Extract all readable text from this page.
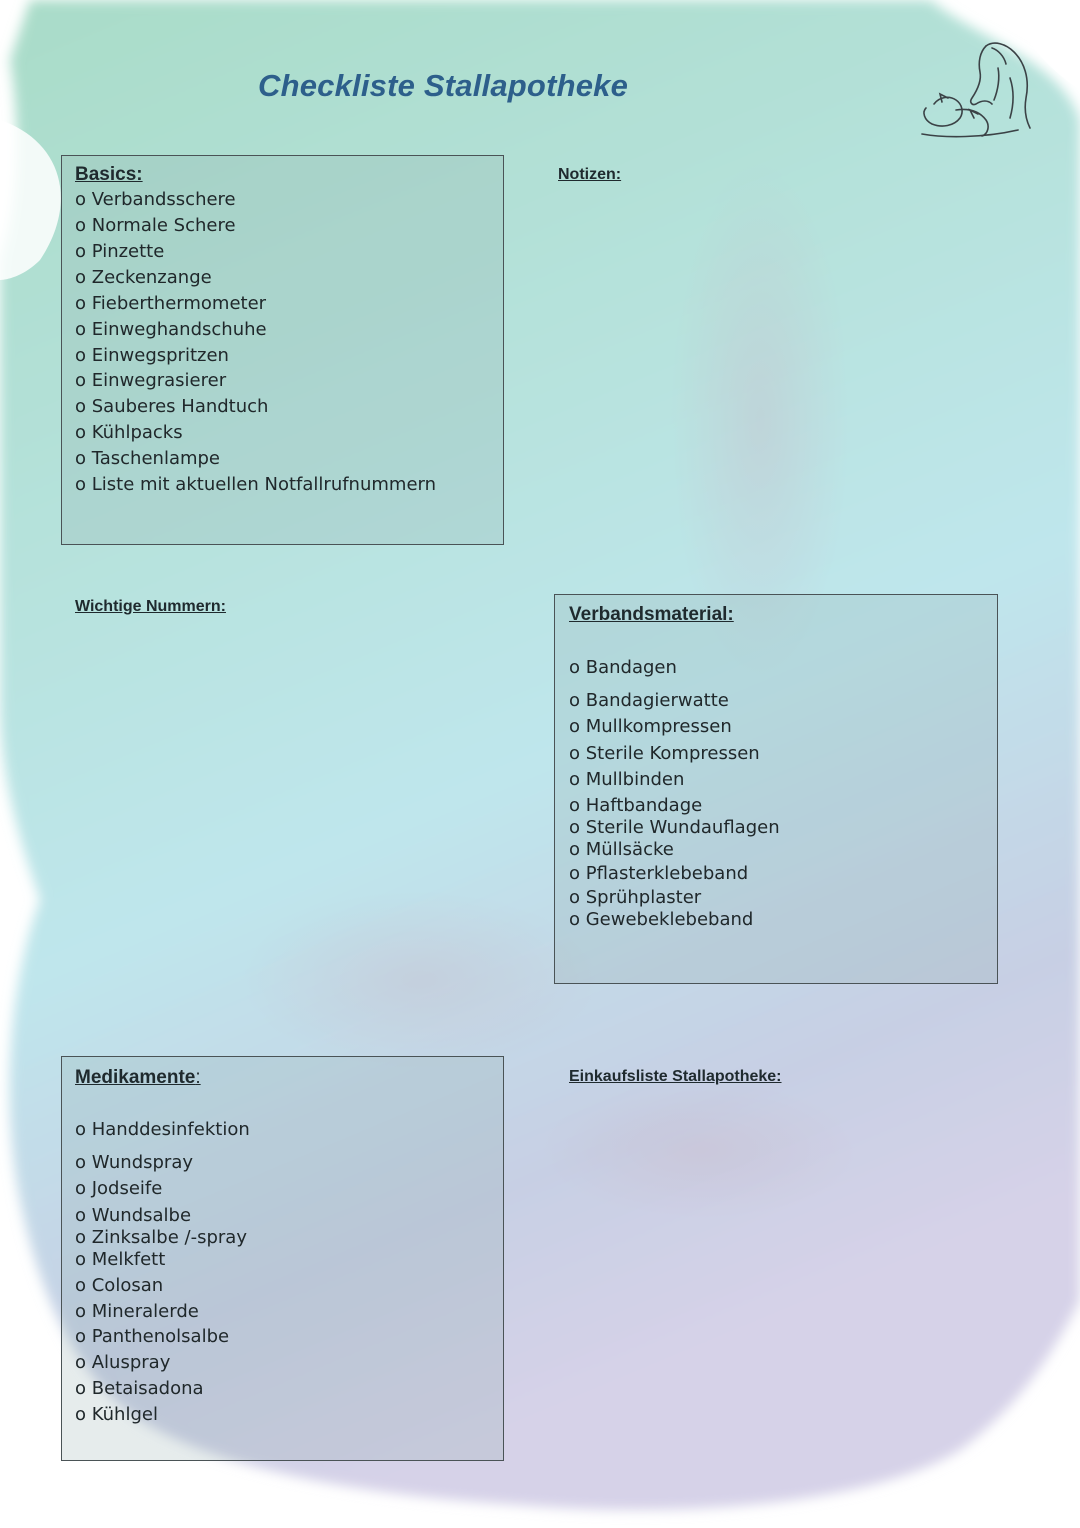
Checkliste Stallapotheke
Basics:
o Verbandsschere
o Normale Schere
o Pinzette
o Zeckenzange
o Fieberthermometer
o Einweghandschuhe
o Einwegspritzen
o Einwegrasierer
o Sauberes Handtuch
o Kühlpacks
o Taschenlampe
o Liste mit aktuellen Notfallrufnummern
Notizen:
Wichtige Nummern:	Verbandsmaterial:
o Bandagen
o Bandagierwatte
o Mullkompressen
o Sterile Kompressen
o Mullbinden
o Haftbandage
o Sterile Wundauflagen
o Müllsäcke
o Pflasterklebeband
o Sprühplaster
o Gewebeklebeband
Medikamente:
o Handdesinfektion
o Wundspray
o Jodseife
o Wundsalbe
o Zinksalbe /-spray
o Melkfett
o Colosan
o Mineralerde
o Panthenolsalbe
o Aluspray
o Betaisadona
o Kühlgel
Einkaufsliste Stallapotheke:
